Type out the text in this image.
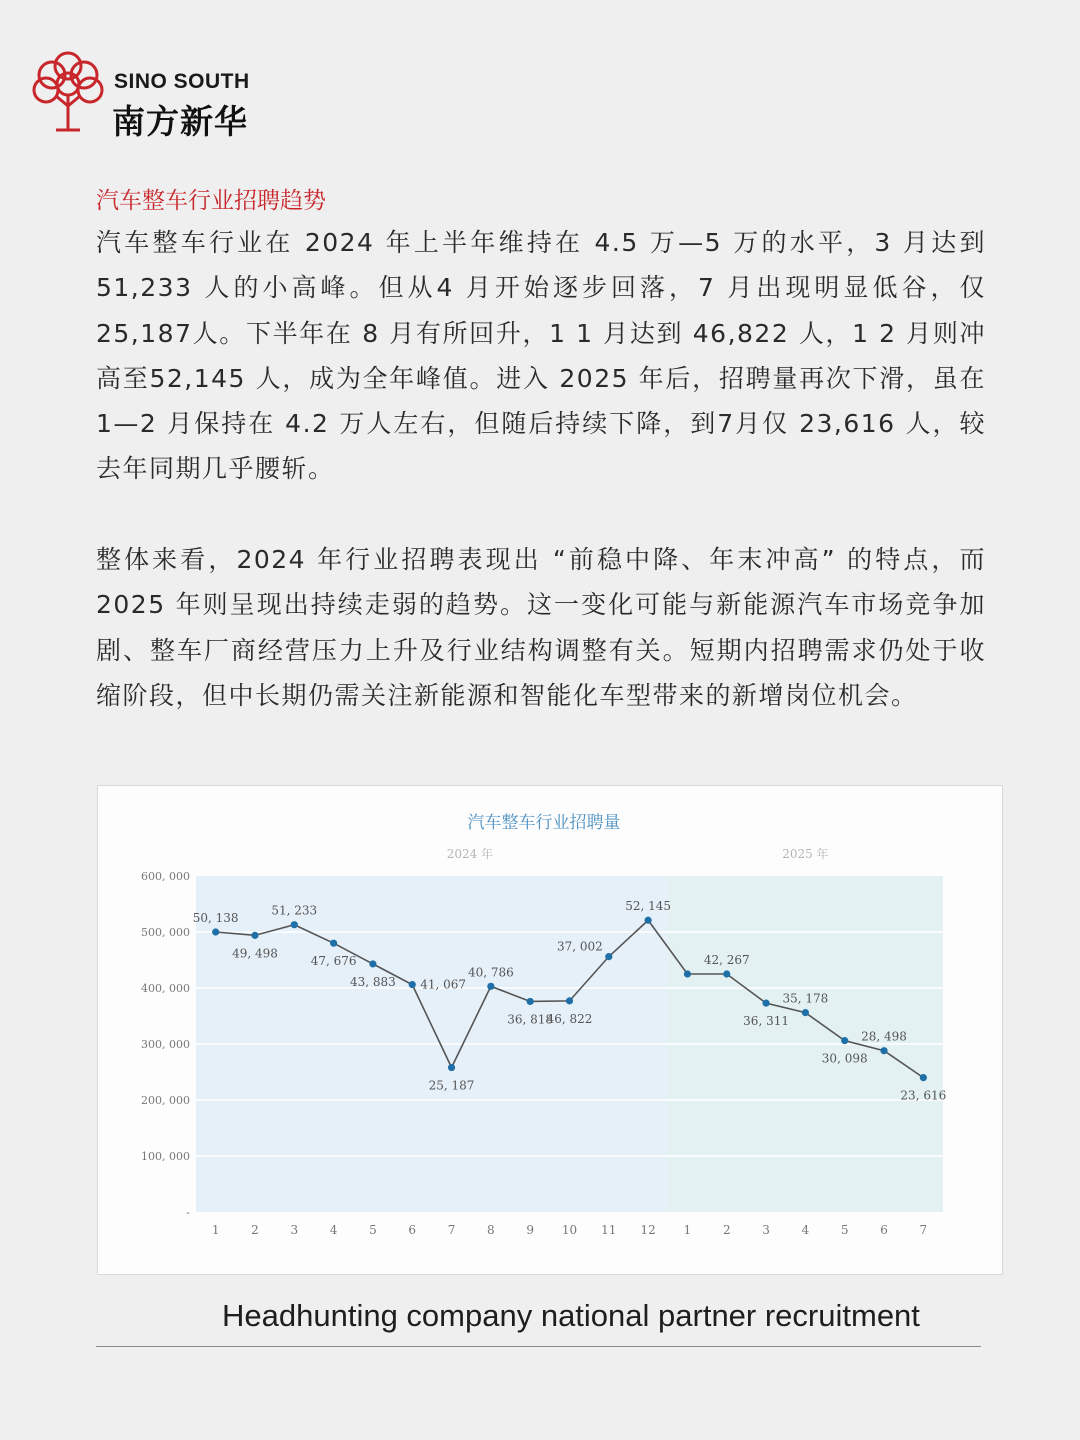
SINO SOUTH
南方新华
汽车整车行业招聘趋势

汽车整车行业在 2024 年上半年维持在 4.5 万—5 万的水平，3 月达到 51,233 人的小高峰。但从4 月开始逐步回落，7 月出现明显低谷，仅 25,187人。下半年在 8 月有所回升，1 1 月达到 46,822 人，1 2 月则冲高至52,145 人，成为全年峰值。进入 2025 年后，招聘量再次下滑，虽在 1—2 月保持在 4.2 万人左右，但随后持续下降，到7月仅 23,616 人，较去年同期几乎腰斩。

整体来看，2024 年行业招聘表现出 “前稳中降、年末冲高” 的特点，而 2025 年则呈现出持续走弱的趋势。这一变化可能与新能源汽车市场竞争加剧、整车厂商经营压力上升及行业结构调整有关。短期内招聘需求仍处于收缩阶段，但中长期仍需关注新能源和智能化车型带来的新增岗位机会。

600, 000
500, 000
400, 000
300, 000
200, 000
100, 000
-
汽车整车行业招聘量
2024 年	2025 年
1	2	3	4	5	6	7	8	9 10 11 12 1	2	3	4	5	6	7
50, 138
49, 498
51, 233
47, 676
43, 883 41, 067
25, 187
40, 786
36, 818
46, 822
37, 002
52, 145
42, 267
36, 311
35, 178
30, 098
28, 498
23, 616
Headhunting company national partner recruitment
